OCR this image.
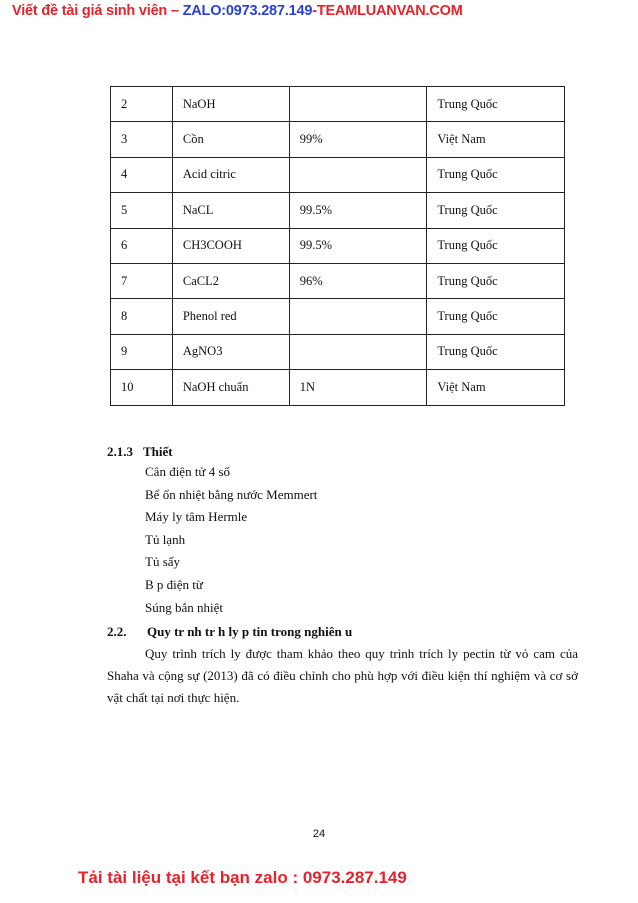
Viết đề tài giá sinh viên – ZALO:0973.287.149-TEAMLUANVAN.COM
2	NaOH		Trung Quốc
3	Cồn	99%	Việt Nam
4	Acid citric		Trung Quốc
5	NaCL	99.5%	Trung Quốc
6	CH3COOH	99.5%	Trung Quốc
7	CaCL2	96%	Trung Quốc
8	Phenol red		Trung Quốc
9	AgNO3		Trung Quốc
10	NaOH chuẩn	1N	Việt Nam
2.1.3 Thiết
Cân điện tử 4 số
Bể ổn nhiệt bằng nước Memmert
Máy ly tâm Hermle
Tủ lạnh
Tủ sấy
B p điện từ
Súng bắn nhiệt
2.2. Quy tr nh tr h ly p tin trong nghiên u

Quy trình trích ly được tham khảo theo quy trình trích ly pectin từ vỏ cam của Shaha và cộng sự (2013) đã có điều chỉnh cho phù hợp với điều kiện thí nghiệm và cơ sở vật chất tại nơi thực hiện.

24
Tải tài liệu tại kết bạn zalo : 0973.287.149
